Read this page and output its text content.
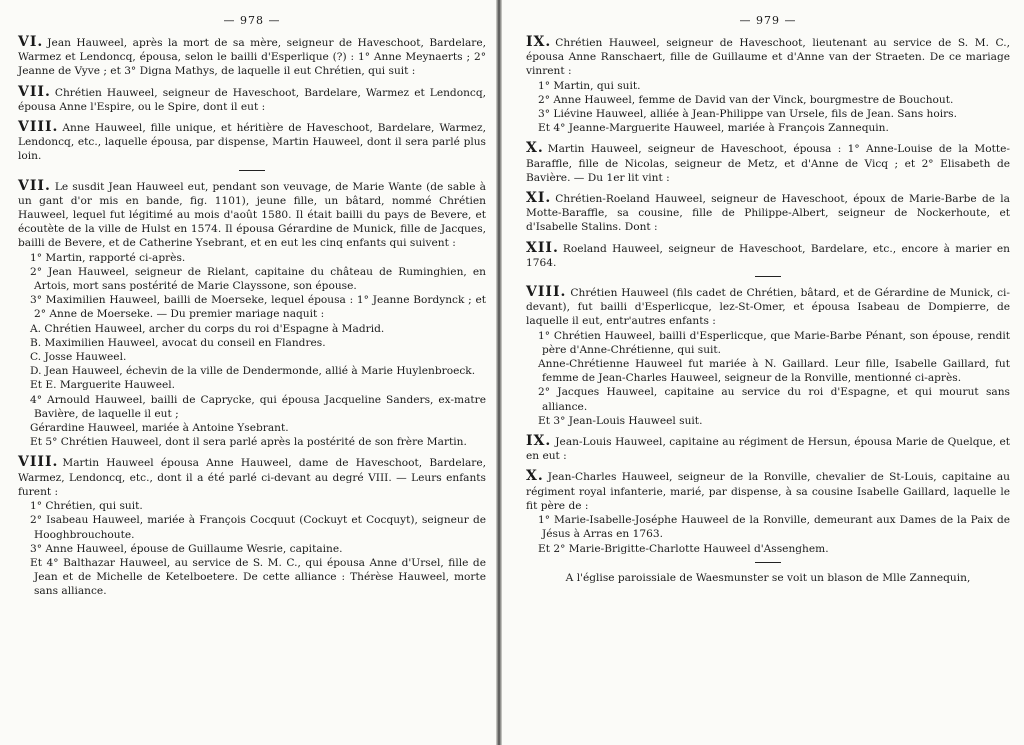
— 978 —
VI. Jean Hauweel, après la mort de sa mère, seigneur de Haveschoot, Bardelare, Warmez et Lendoncq, épousa, selon le bailli d'Esperlique (?) : 1° Anne Meynaerts ; 2° Jeanne de Vyve ; et 3° Digna Mathys, de laquelle il eut Chrétien, qui suit :
VII. Chrétien Hauweel, seigneur de Haveschoot, Bardelare, Warmez et Lendoncq, épousa Anne l'Espire, ou le Spire, dont il eut :
VIII. Anne Hauweel, fille unique, et héritière de Haveschoot, Bardelare, Warmez, Lendoncq, etc., laquelle épousa, par dispense, Martin Hauweel, dont il sera parlé plus loin.
VII. Le susdit Jean Hauweel eut, pendant son veuvage, de Marie Wante (de sable à un gant d'or mis en bande, fig. 1101), jeune fille, un bâtard, nommé Chrétien Hauweel, lequel fut légitimé au mois d'août 1580. Il était bailli du pays de Bevere, et écoutète de la ville de Hulst en 1574. Il épousa Gérardine de Munick, fille de Jacques, bailli de Bevere, et de Catherine Ysebrant, et en eut les cinq enfants qui suivent :
1° Martin, rapporté ci-après.
2° Jean Hauweel, seigneur de Rielant, capitaine du château de Ruminghien, en Artois, mort sans postérité de Marie Clayssone, son épouse.
3° Maximilien Hauweel, bailli de Moerseke, lequel épousa : 1° Jeanne Bordynck ; et 2° Anne de Moerseke. — Du premier mariage naquit :
A. Chrétien Hauweel, archer du corps du roi d'Espagne à Madrid.
B. Maximilien Hauweel, avocat du conseil en Flandres.
C. Josse Hauweel.
D. Jean Hauweel, échevin de la ville de Dendermonde, allié à Marie Huylenbroeck.
Et E. Marguerite Hauweel.
4° Arnould Hauweel, bailli de Caprycke, qui épousa Jacqueline Sanders, ex-matre Bavière, de laquelle il eut ;
Gérardine Hauweel, mariée à Antoine Ysebrant.
Et 5° Chrétien Hauweel, dont il sera parlé après la postérité de son frère Martin.
VIII. Martin Hauweel épousa Anne Hauweel, dame de Haveschoot, Bardelare, Warmez, Lendoncq, etc., dont il a été parlé ci-devant au degré VIII. — Leurs enfants furent :
1° Chrétien, qui suit.
2° Isabeau Hauweel, mariée à François Cocquut (Cockuyt et Cocquyt), seigneur de Hooghbrouchoute.
3° Anne Hauweel, épouse de Guillaume Wesrie, capitaine.
Et 4° Balthazar Hauweel, au service de S. M. C., qui épousa Anne d'Ursel, fille de Jean et de Michelle de Ketelboetere. De cette alliance : Thérèse Hauweel, morte sans alliance.
— 979 —
IX. Chrétien Hauweel, seigneur de Haveschoot, lieutenant au service de S. M. C., épousa Anne Ranschaert, fille de Guillaume et d'Anne van der Straeten. De ce mariage vinrent :
1° Martin, qui suit.
2° Anne Hauweel, femme de David van der Vinck, bourgmestre de Bouchout.
3° Liévine Hauweel, alliée à Jean-Philippe van Ursele, fils de Jean. Sans hoirs.
Et 4° Jeanne-Marguerite Hauweel, mariée à François Zannequin.
X. Martin Hauweel, seigneur de Haveschoot, épousa : 1° Anne-Louise de la Motte-Baraffle, fille de Nicolas, seigneur de Metz, et d'Anne de Vicq ; et 2° Elisabeth de Bavière. — Du 1er lit vint :
XI. Chrétien-Roeland Hauweel, seigneur de Haveschoot, époux de Marie-Barbe de la Motte-Baraffle, sa cousine, fille de Philippe-Albert, seigneur de Nockerhoute, et d'Isabelle Stalins. Dont :
XII. Roeland Hauweel, seigneur de Haveschoot, Bardelare, etc., encore à marier en 1764.
VIII. Chrétien Hauweel (fils cadet de Chrétien, bâtard, et de Gérardine de Munick, ci-devant), fut bailli d'Esperlicque, lez-St-Omer, et épousa Isabeau de Dompierre, de laquelle il eut, entr'autres enfants :
1° Chrétien Hauweel, bailli d'Esperlicque, que Marie-Barbe Pénant, son épouse, rendit père d'Anne-Chrétienne, qui suit.
Anne-Chrétienne Hauweel fut mariée à N. Gaillard. Leur fille, Isabelle Gaillard, fut femme de Jean-Charles Hauweel, seigneur de la Ronville, mentionné ci-après.
2° Jacques Hauweel, capitaine au service du roi d'Espagne, et qui mourut sans alliance.
Et 3° Jean-Louis Hauweel suit.
IX. Jean-Louis Hauweel, capitaine au régiment de Hersun, épousa Marie de Quelque, et en eut :
X. Jean-Charles Hauweel, seigneur de la Ronville, chevalier de St-Louis, capitaine au régiment royal infanterie, marié, par dispense, à sa cousine Isabelle Gaillard, laquelle le fit père de :
1° Marie-Isabelle-Joséphe Hauweel de la Ronville, demeurant aux Dames de la Paix de Jésus à Arras en 1763.
Et 2° Marie-Brigitte-Charlotte Hauweel d'Assenghem.
A l'église paroissiale de Waesmunster se voit un blason de Mlle Zannequin,
